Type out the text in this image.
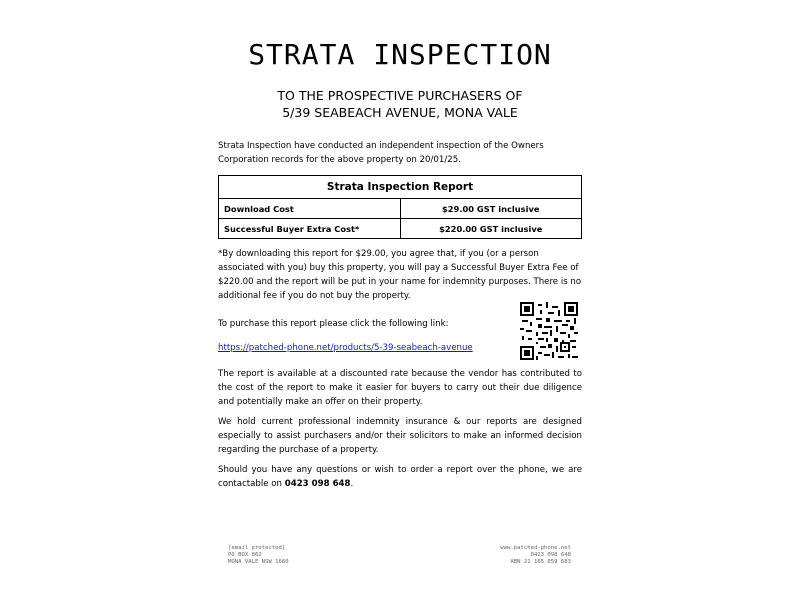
STRATA INSPECTION
TO THE PROSPECTIVE PURCHASERS OF
5/39 SEABEACH AVENUE, MONA VALE
Strata Inspection have conducted an independent inspection of the Owners
Corporation records for the above property on 20/01/25.
Strata Inspection Report	
Download Cost	$29.00 GST inclusive
Successful Buyer Extra Cost*	$220.00 GST inclusive

*By downloading this report for $29.00, you agree that, if you (or a person associated with you) buy this property, you will pay a Successful Buyer Extra Fee of $220.00 and the report will be put in your name for indemnity purposes. There is no additional fee if you do not buy the property.

To purchase this report please click the following link:

https://patched-phone.net/products/5-39-seabeach-avenue

The report is available at a discounted rate because the vendor has contributed to the cost of the report to make it easier for buyers to carry out their due diligence and potentially make an offer on their property.

We hold current professional indemnity insurance & our reports are designed especially to assist purchasers and/or their solicitors to make an informed decision regarding the purchase of a property.

Should you have any questions or wish to order a report over the phone, we are contactable on 0423 098 648.

[email protected]
PO BOX 862
MONA VALE NSW 1660
www.patched-phone.net
0423 098 648
ABN 21 165 059 683
